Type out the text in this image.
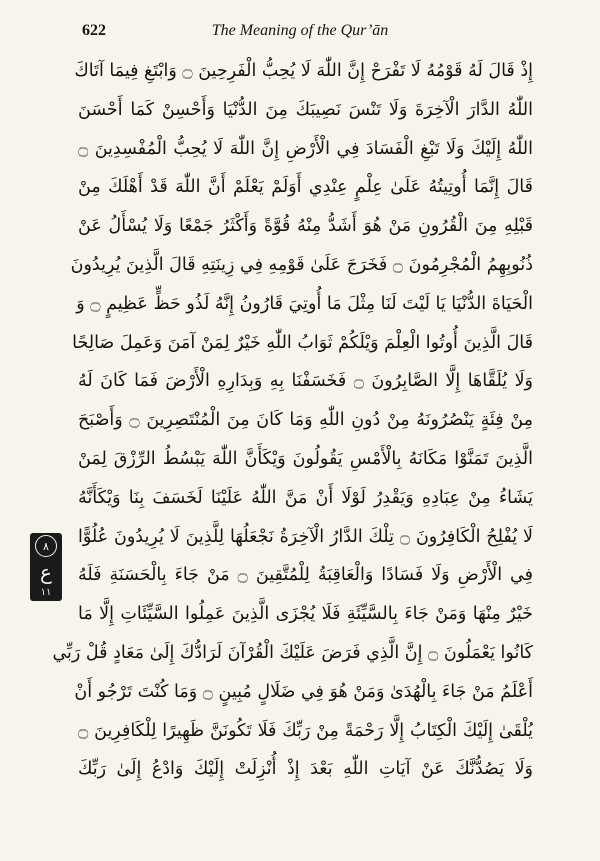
622	The Meaning of the Qur’ān
إِذْ قَالَ لَهُ قَوْمُهُ لَا تَفْرَحْ إِنَّ اللّٰهَ لَا يُحِبُّ الْفَرِحِينَ ۝ وَابْتَغِ فِيمَا آتَاكَ
اللّٰهُ الدَّارَ الْآخِرَةَ وَلَا تَنْسَ نَصِيبَكَ مِنَ الدُّنْيَا وَأَحْسِنْ كَمَا أَحْسَنَ
اللّٰهُ إِلَيْكَ وَلَا تَبْغِ الْفَسَادَ فِي الْأَرْضِ إِنَّ اللّٰهَ لَا يُحِبُّ الْمُفْسِدِينَ ۝
قَالَ إِنَّمَا أُوتِيتُهُ عَلَىٰ عِلْمٍ عِنْدِي أَوَلَمْ يَعْلَمْ أَنَّ اللّٰهَ قَدْ أَهْلَكَ مِنْ
قَبْلِهِ مِنَ الْقُرُونِ مَنْ هُوَ أَشَدُّ مِنْهُ قُوَّةً وَأَكْثَرُ جَمْعًا وَلَا يُسْأَلُ عَنْ
ذُنُوبِهِمُ الْمُجْرِمُونَ ۝ فَخَرَجَ عَلَىٰ قَوْمِهِ فِي زِينَتِهِ قَالَ الَّذِينَ يُرِيدُونَ
الْحَيَاةَ الدُّنْيَا يَا لَيْتَ لَنَا مِثْلَ مَا أُوتِيَ قَارُونُ إِنَّهُ لَذُو حَظٍّ عَظِيمٍ ۝ وَ
قَالَ الَّذِينَ أُوتُوا الْعِلْمَ وَيْلَكُمْ ثَوَابُ اللّٰهِ خَيْرٌ لِمَنْ آمَنَ وَعَمِلَ صَالِحًا
وَلَا يُلَقَّاهَا إِلَّا الصَّابِرُونَ ۝ فَخَسَفْنَا بِهِ وَبِدَارِهِ الْأَرْضَ فَمَا كَانَ لَهُ
مِنْ فِئَةٍ يَنْصُرُونَهُ مِنْ دُونِ اللّٰهِ وَمَا كَانَ مِنَ الْمُنْتَصِرِينَ ۝ وَأَصْبَحَ
الَّذِينَ تَمَنَّوْا مَكَانَهُ بِالْأَمْسِ يَقُولُونَ وَيْكَأَنَّ اللّٰهَ يَبْسُطُ الرِّزْقَ لِمَنْ
يَشَاءُ مِنْ عِبَادِهِ وَيَقْدِرُ لَوْلَا أَنْ مَنَّ اللّٰهُ عَلَيْنَا لَخَسَفَ بِنَا وَيْكَأَنَّهُ
لَا يُفْلِحُ الْكَافِرُونَ ۝ تِلْكَ الدَّارُ الْآخِرَةُ نَجْعَلُهَا لِلَّذِينَ لَا يُرِيدُونَ عُلُوًّا
فِي الْأَرْضِ وَلَا فَسَادًا وَالْعَاقِبَةُ لِلْمُتَّقِينَ ۝ مَنْ جَاءَ بِالْحَسَنَةِ فَلَهُ
خَيْرٌ مِنْهَا وَمَنْ جَاءَ بِالسَّيِّئَةِ فَلَا يُجْزَى الَّذِينَ عَمِلُوا السَّيِّئَاتِ إِلَّا مَا
كَانُوا يَعْمَلُونَ ۝ إِنَّ الَّذِي فَرَضَ عَلَيْكَ الْقُرْآنَ لَرَادُّكَ إِلَىٰ مَعَادٍ قُلْ رَبِّي
أَعْلَمُ مَنْ جَاءَ بِالْهُدَىٰ وَمَنْ هُوَ فِي ضَلَالٍ مُبِينٍ ۝ وَمَا كُنْتَ تَرْجُو أَنْ
يُلْقَىٰ إِلَيْكَ الْكِتَابُ إِلَّا رَحْمَةً مِنْ رَبِّكَ فَلَا تَكُونَنَّ ظَهِيرًا لِلْكَافِرِينَ ۝
وَلَا يَصُدُّنَّكَ عَنْ آيَاتِ اللّٰهِ بَعْدَ إِذْ أُنْزِلَتْ إِلَيْكَ وَادْعُ إِلَىٰ رَبِّكَ
٨
ع
١١
